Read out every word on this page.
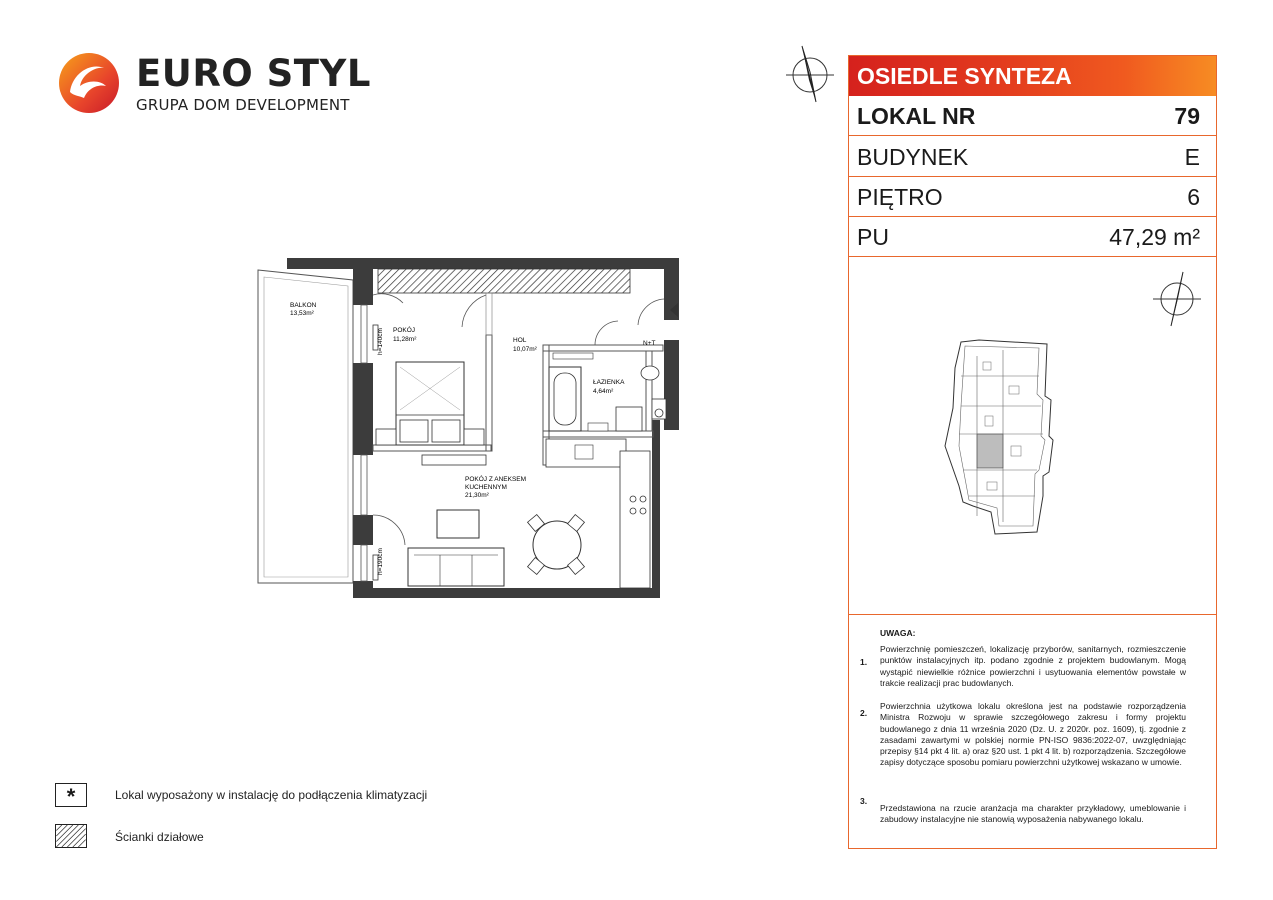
EURO STYL
GRUPA DOM DEVELOPMENT
BALKON
13,53m²
POKÓJ
11,28m²	HOL
10,07m²
ŁAZIENKA
4,64m²
POKÓJ Z ANEKSEM
KUCHENNYM
21,30m²
h=140cm
h=190cm
N+T
OSIEDLE SYNTEZA
LOKAL NR	79
BUDYNEK	E
PIĘTRO	6
PU	47,29 m²
UWAGA:
1.
Powierzchnię pomieszczeń, lokalizację przyborów, sanitarnych, rozmieszczenie punktów instalacyjnych itp. podano zgodnie z projektem budowlanym. Mogą wystąpić niewielkie różnice powierzchni i usytuowania elementów powstałe w trakcie realizacji prac budowlanych.
2.
Powierzchnia użytkowa lokalu określona jest na podstawie rozporządzenia Ministra Rozwoju w sprawie szczegółowego zakresu i formy projektu budowlanego z dnia 11 września 2020 (Dz. U. z 2020r. poz. 1609), tj. zgodnie z zasadami zawartymi w polskiej normie PN-ISO 9836:2022-07, uwzględniając przepisy §14 pkt 4 lit. a) oraz §20 ust. 1 pkt 4 lit. b) rozporządzenia. Szczegółowe zapisy dotyczące sposobu pomiaru powierzchni użytkowej wskazano w umowie.
3.
Przedstawiona na rzucie aranżacja ma charakter przykładowy, umeblowanie i zabudowy instalacyjne nie stanowią wyposażenia nabywanego lokalu.
*	Lokal wyposażony w instalację do podłączenia klimatyzacji
Ścianki działowe
